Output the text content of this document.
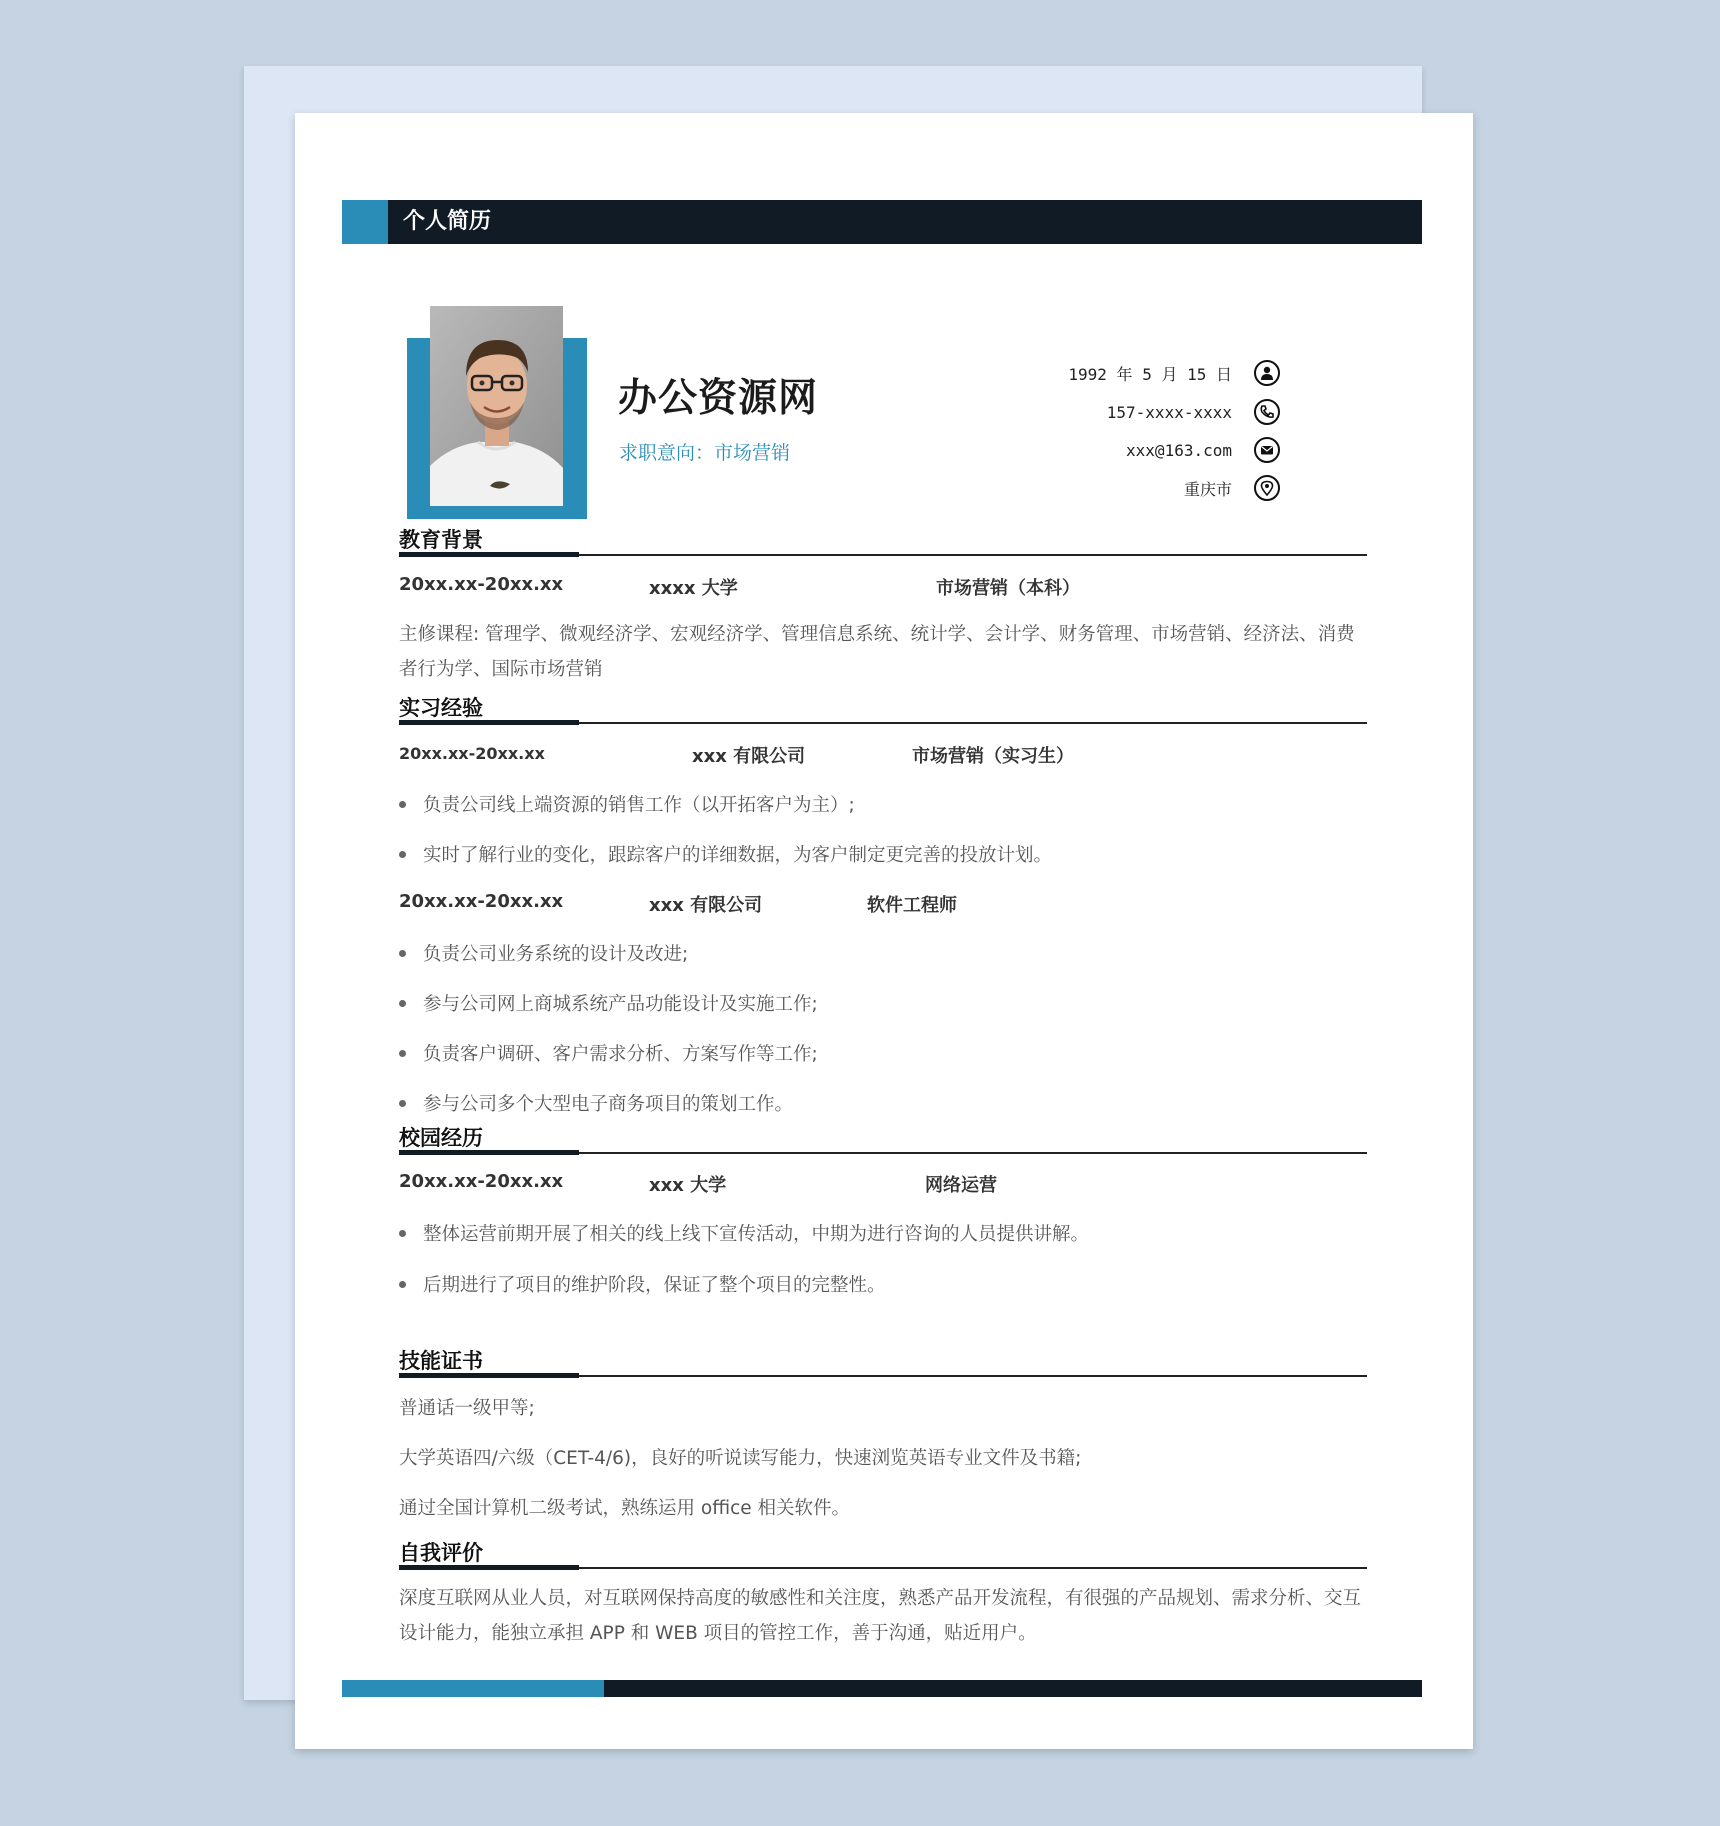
个人简历
办公资源网
求职意向：市场营销
1992 年 5 月 15 日
157-xxxx-xxxx
xxx@163.com
重庆市
教育背景
20xx.xx-20xx.xx	xxxx 大学	市场营销（本科）
主修课程: 管理学、微观经济学、宏观经济学、管理信息系统、统计学、会计学、财务管理、市场营销、经济法、消费者行为学、国际市场营销
实习经验
20xx.xx-20xx.xx	xxx 有限公司	市场营销（实习生）
负责公司线上端资源的销售工作（以开拓客户为主）;
实时了解行业的变化，跟踪客户的详细数据，为客户制定更完善的投放计划。
20xx.xx-20xx.xx	xxx 有限公司	软件工程师
负责公司业务系统的设计及改进;
参与公司网上商城系统产品功能设计及实施工作;
负责客户调研、客户需求分析、方案写作等工作;
参与公司多个大型电子商务项目的策划工作。
校园经历
20xx.xx-20xx.xx	xxx 大学	网络运营
整体运营前期开展了相关的线上线下宣传活动，中期为进行咨询的人员提供讲解。
后期进行了项目的维护阶段，保证了整个项目的完整性。
技能证书
普通话一级甲等;
大学英语四/六级（CET-4/6)，良好的听说读写能力，快速浏览英语专业文件及书籍;
通过全国计算机二级考试，熟练运用 office 相关软件。
自我评价
深度互联网从业人员，对互联网保持高度的敏感性和关注度，熟悉产品开发流程，有很强的产品规划、需求分析、交互设计能力，能独立承担 APP 和 WEB 项目的管控工作，善于沟通，贴近用户。
